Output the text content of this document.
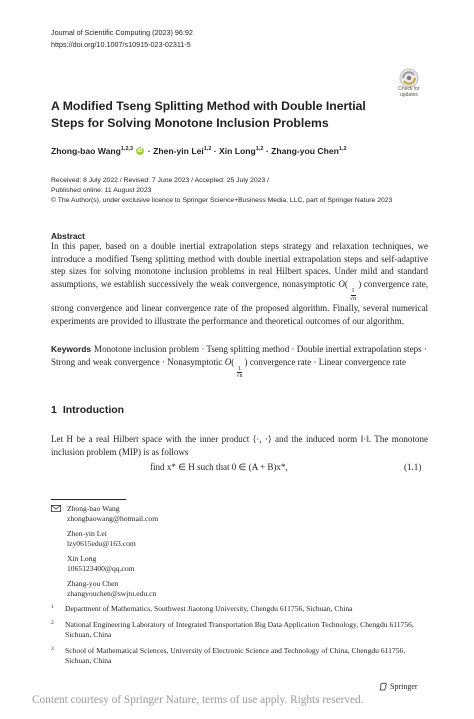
Journal of Scientific Computing (2023) 96:92
https://doi.org/10.1007/s10915-023-02311-5
Check for
updates
A Modified Tseng Splitting Method with Double Inertial Steps for Solving Monotone Inclusion Problems
Zhong-bao Wang$^{1,2,3}$ iD · Zhen-yin Lei$^{1,2}$ · Xin Long$^{1,2}$ · Zhang-you Chen$^{1,2}$
Received: 8 July 2022 / Revised: 7 June 2023 / Accepted: 25 July 2023 /
Published online: 11 August 2023
© The Author(s), under exclusive licence to Springer Science+Business Media, LLC, part of Springer Nature 2023
Abstract
In this paper, based on a double inertial extrapolation steps strategy and relaxation techniques, we introduce a modified Tseng splitting method with double inertial extrapolation steps and self-adaptive step sizes for solving monotone inclusion problems in real Hilbert spaces. Under mild and standard assumptions, we establish successively the weak convergence, nonasymptotic O(
$\frac{1}{√n}$
) convergence rate, strong convergence and linear convergence rate of the proposed algorithm. Finally, several numerical experiments are provided to illustrate the performance and theoretical outcomes of our algorithm.
Keywords Monotone inclusion problem · Tseng splitting method · Double inertial extrapolation steps · Strong and weak convergence · Nonasymptotic O(
$\frac{1}{√n}$
) convergence rate · Linear convergence rate
1 Introduction
Let H be a real Hilbert space with the inner product ⟨·, ·⟩ and the induced norm ‖·‖. The monotone inclusion problem (MIP) is as follows
find x* ∈ H such that 0 ∈ (A + B)x*,	(1.1)
Zhong-bao Wang
zhongbaowang@hotmail.com
Zhen-yin Lei
lzy0615edu@163.com
Xin Long
1065123400@qq.com
Zhang-you Chen
zhangyouchen@swjtu.edu.cn
1 Department of Mathematics, Southwest Jiaotong University, Chengdu 611756, Sichuan, China
2 National Engineering Laboratory of Integrated Transportation Big Data Application Technology, Chengdu 611756, Sichuan, China
3 School of Mathematical Sciences, University of Electronic Science and Technology of China, Chengdu 611756, Sichuan, China
Springer
Content courtesy of Springer Nature, terms of use apply. Rights reserved.
